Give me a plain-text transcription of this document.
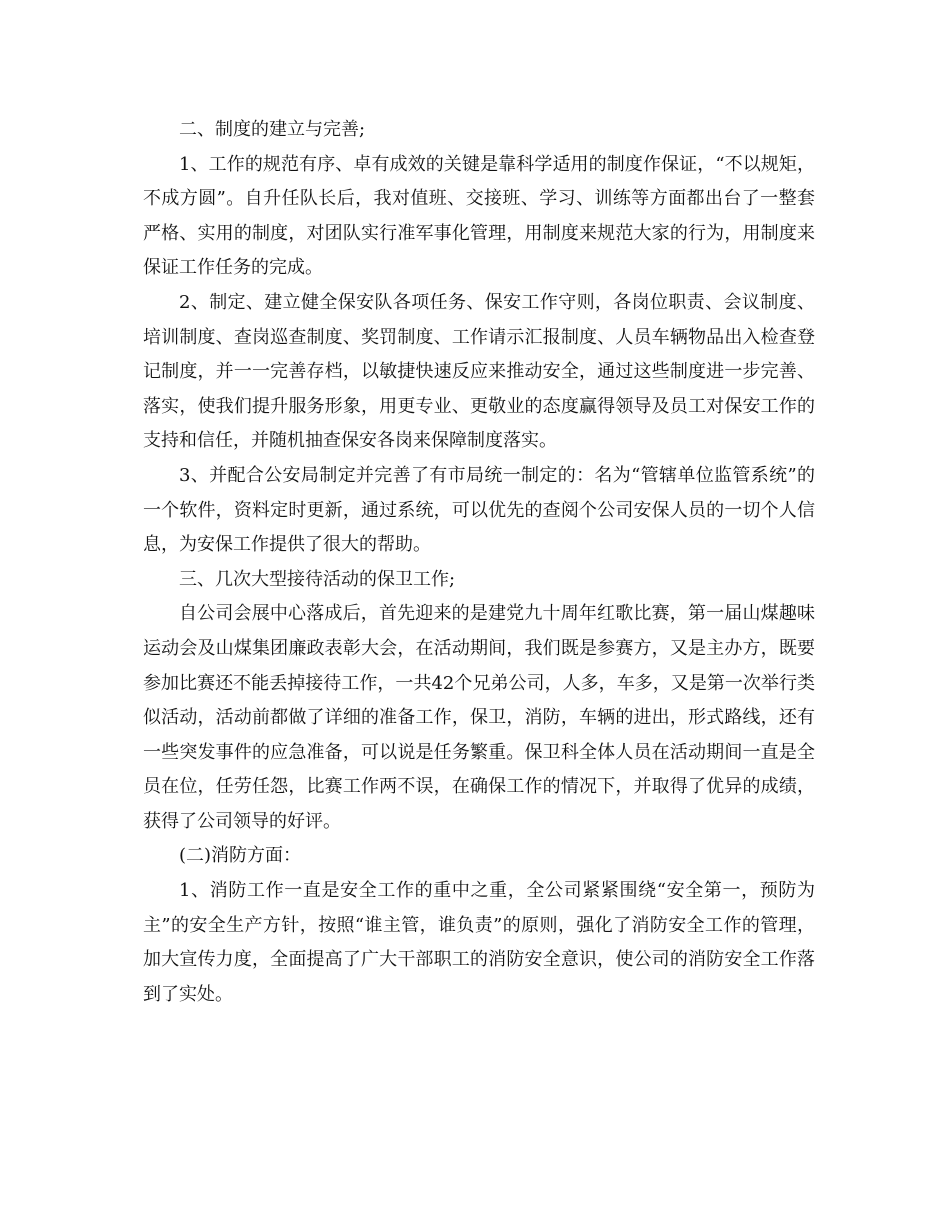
二、制度的建立与完善;

1、工作的规范有序、卓有成效的关键是靠科学适用的制度作保证，“不以规矩，不成方圆”。自升任队长后，我对值班、交接班、学习、训练等方面都出台了一整套严格、实用的制度，对团队实行准军事化管理，用制度来规范大家的行为，用制度来保证工作任务的完成。

2、制定、建立健全保安队各项任务、保安工作守则，各岗位职责、会议制度、培训制度、查岗巡查制度、奖罚制度、工作请示汇报制度、人员车辆物品出入检查登记制度，并一一完善存档，以敏捷快速反应来推动安全，通过这些制度进一步完善、落实，使我们提升服务形象，用更专业、更敬业的态度赢得领导及员工对保安工作的支持和信任，并随机抽查保安各岗来保障制度落实。

3、并配合公安局制定并完善了有市局统一制定的：名为“管辖单位监管系统”的一个软件，资料定时更新，通过系统，可以优先的查阅个公司安保人员的一切个人信息，为安保工作提供了很大的帮助。

三、几次大型接待活动的保卫工作;

自公司会展中心落成后，首先迎来的是建党九十周年红歌比赛，第一届山煤趣味运动会及山煤集团廉政表彰大会，在活动期间，我们既是参赛方，又是主办方，既要参加比赛还不能丢掉接待工作，一共42个兄弟公司，人多，车多，又是第一次举行类似活动，活动前都做了详细的准备工作，保卫，消防，车辆的进出，形式路线，还有一些突发事件的应急准备，可以说是任务繁重。保卫科全体人员在活动期间一直是全员在位，任劳任怨，比赛工作两不误，在确保工作的情况下，并取得了优异的成绩，获得了公司领导的好评。

(二)消防方面：

1、消防工作一直是安全工作的重中之重，全公司紧紧围绕“安全第一，预防为主”的安全生产方针，按照“谁主管，谁负责”的原则，强化了消防安全工作的管理，加大宣传力度，全面提高了广大干部职工的消防安全意识，使公司的消防安全工作落到了实处。
